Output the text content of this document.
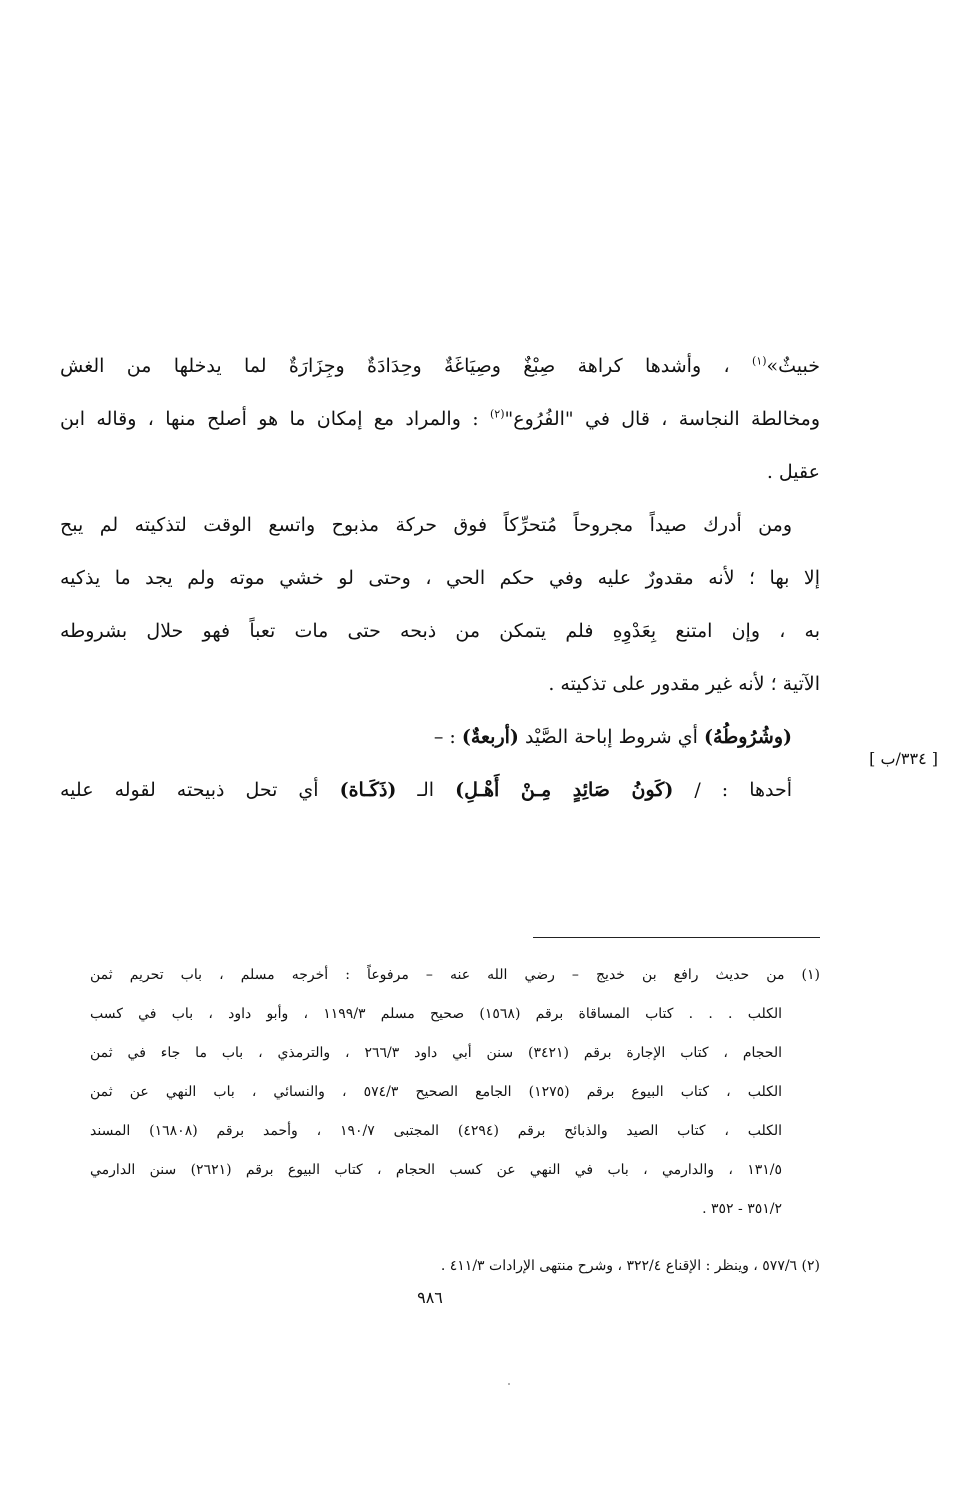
خبيثٌ»$^{(١)}$ ، وأشدها كراهة صِبْغٌ وصِيَاغَةٌ وحِدَادَةٌ وجِزَارَةٌ لما يدخلها من الغش
ومخالطة النجاسة ، قال في "الفُرُوع"$^{(٢)}$ : والمراد مع إمكان ما هو أصلح منها ، وقاله ابن
عقيل .
ومن أدرك صيداً مجروحاً مُتحرِّكاً فوق حركة مذبوح واتسع الوقت لتذكيته لم يبح
إلا بها ؛ لأنه مقدورٌ عليه وفي حكم الحي ، وحتى لو خشي موته ولم يجد ما يذكيه
به ، وإن امتنع بِعَدْوِهِ فلم يتمكن من ذبحه حتى مات تعباً فهو حلال بشروطه
الآتية ؛ لأنه غير مقدور على تذكيته .
(وشُرُوطُهُ) أي شروط إباحة الصَّيْد (أربعةٌ) : –
أحدها : / (كَونُ صَائِدٍ مِـنْ أَهْـلِ) الـ (ذَكَـاة) أي تحل ذبيحته لقوله عليه
[ ٣٣٤/ب ]
(١) من حديث رافع بن خديج – رضي الله عنه – مرفوعاً : أخرجه مسلم ، باب تحريم ثمن
الكلب . . . كتاب المساقاة برقم (١٥٦٨) صحيح مسلم ١١٩٩/٣ ، وأبو داود ، باب في كسب
الحجام ، كتاب الإجارة برقم (٣٤٢١) سنن أبي داود ٢٦٦/٣ ، والترمذي ، باب ما جاء في ثمن
الكلب ، كتاب البيوع برقم (١٢٧٥) الجامع الصحيح ٥٧٤/٣ ، والنسائي ، باب النهي عن ثمن
الكلب ، كتاب الصيد والذبائح برقم (٤٢٩٤) المجتبى ١٩٠/٧ ، وأحمد برقم (١٦٨٠٨) المسند
١٣١/٥ ، والدارمي ، باب في النهي عن كسب الحجام ، كتاب البيوع برقم (٢٦٢١) سنن الدارمي
٣٥١/٢ - ٣٥٢ .
(٢) ٥٧٧/٦ ، وينظر : الإقناع ٣٢٢/٤ ، وشرح منتهى الإرادات ٤١١/٣ .
٩٨٦
